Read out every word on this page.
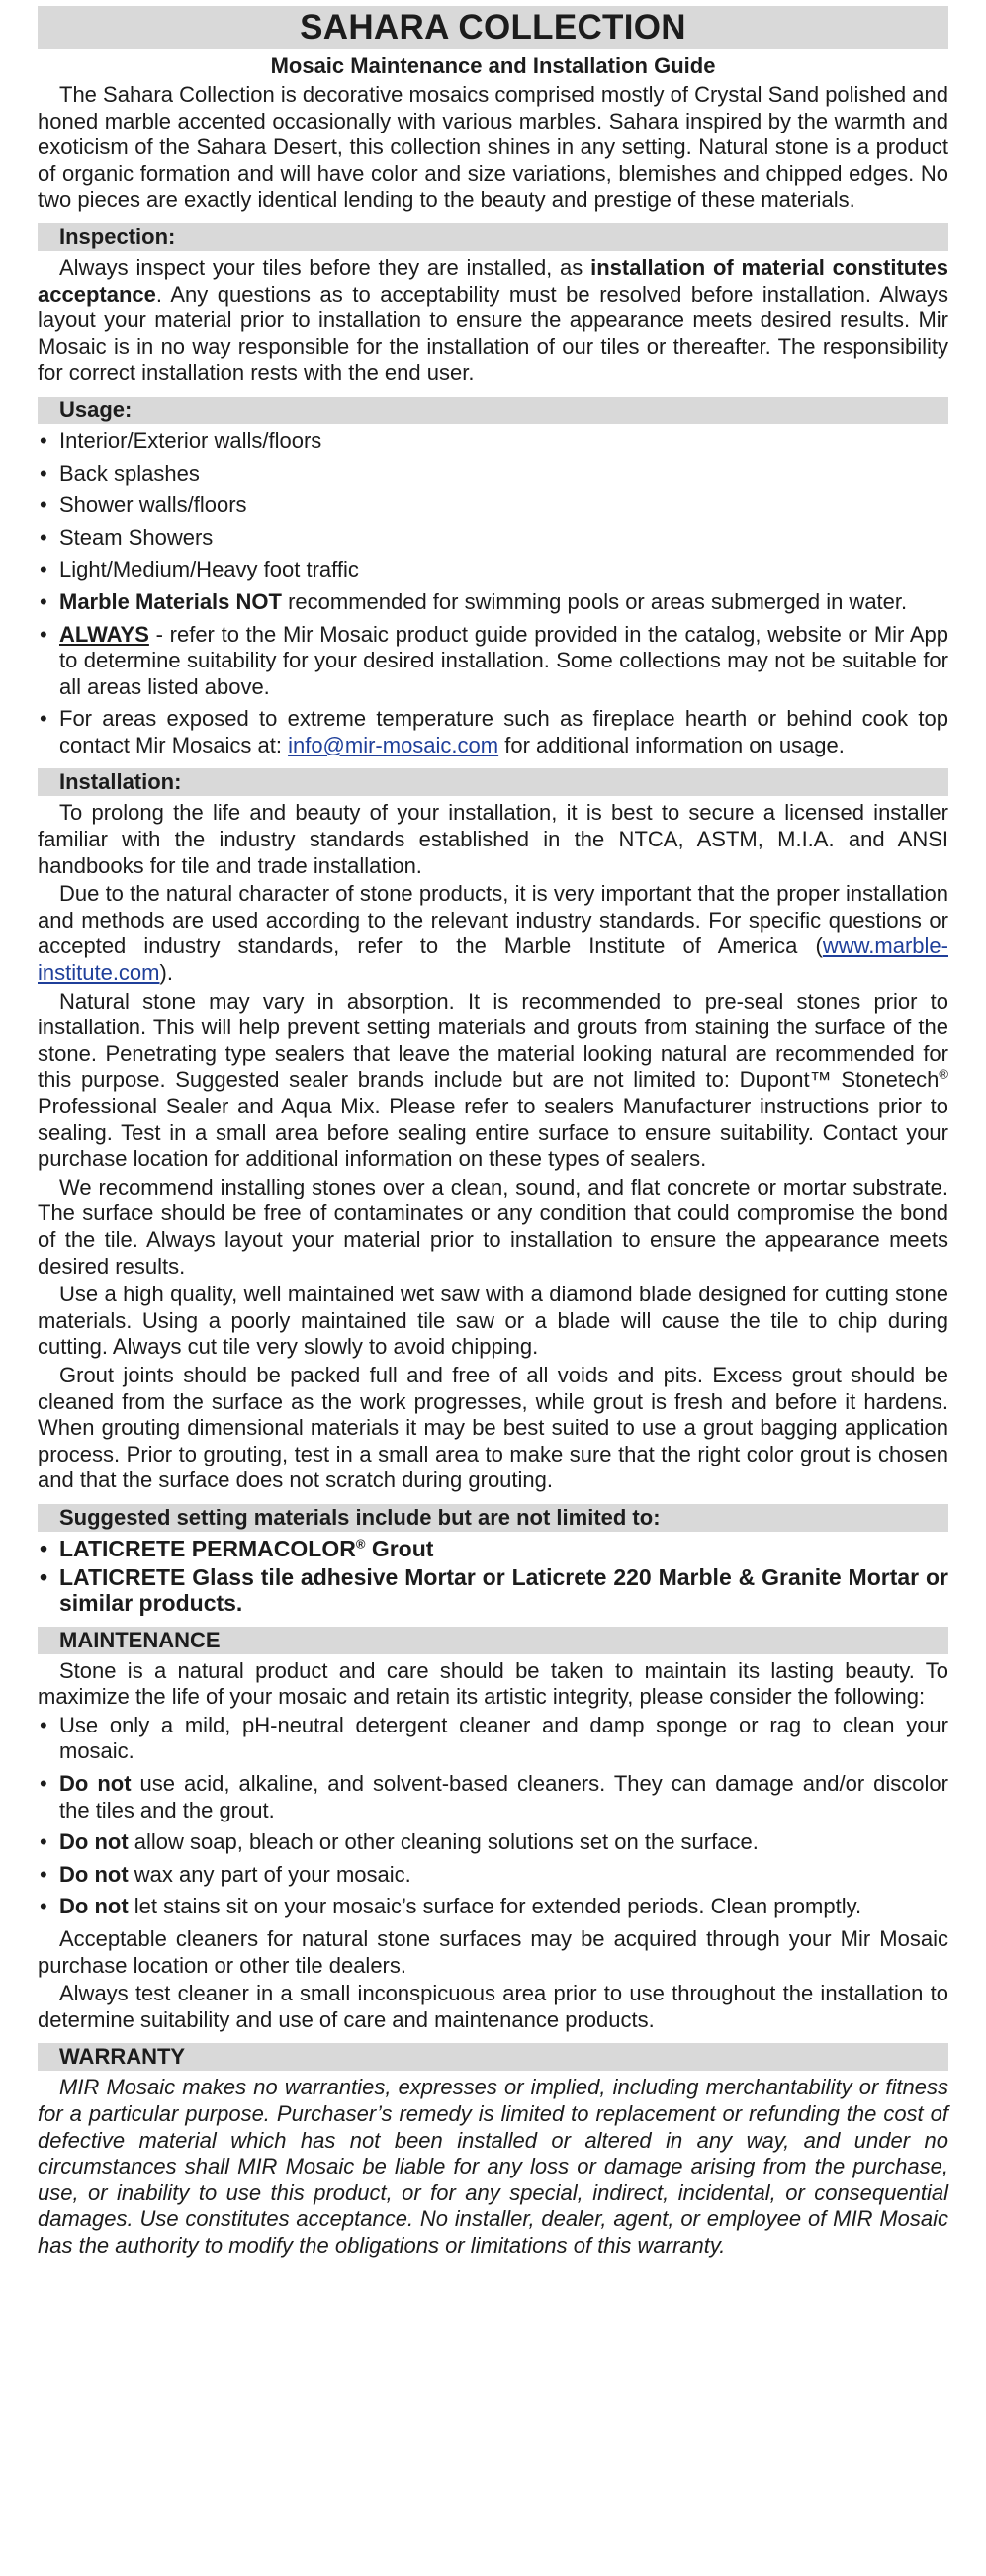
SAHARA COLLECTION
Mosaic Maintenance and Installation Guide

The Sahara Collection is decorative mosaics comprised mostly of Crystal Sand polished and honed marble accented occasionally with various marbles. Sahara inspired by the warmth and exoticism of the Sahara Desert, this collection shines in any setting. Natural stone is a product of organic formation and will have color and size variations, blemishes and chipped edges. No two pieces are exactly identical lending to the beauty and prestige of these materials.

Inspection:

Always inspect your tiles before they are installed, as installation of material constitutes acceptance. Any questions as to acceptability must be resolved before installation. Always layout your material prior to installation to ensure the appearance meets desired results. Mir Mosaic is in no way responsible for the installation of our tiles or thereafter. The responsibility for correct installation rests with the end user.

Usage:
• Interior/Exterior walls/floors
• Back splashes
• Shower walls/floors
• Steam Showers
• Light/Medium/Heavy foot traffic
• Marble Materials NOT recommended for swimming pools or areas submerged in water.
• ALWAYS - refer to the Mir Mosaic product guide provided in the catalog, website or Mir App to determine suitability for your desired installation. Some collections may not be suitable for all areas listed above.
• For areas exposed to extreme temperature such as fireplace hearth or behind cook top contact Mir Mosaics at: info@mir-mosaic.com for additional information on usage.
Installation:

To prolong the life and beauty of your installation, it is best to secure a licensed installer familiar with the industry standards established in the NTCA, ASTM, M.I.A. and ANSI handbooks for tile and trade installation.

Due to the natural character of stone products, it is very important that the proper installation and methods are used according to the relevant industry standards. For specific questions or accepted industry standards, refer to the Marble Institute of America (www.marble-institute.com).

Natural stone may vary in absorption. It is recommended to pre-seal stones prior to installation. This will help prevent setting materials and grouts from staining the surface of the stone. Penetrating type sealers that leave the material looking natural are recommended for this purpose. Suggested sealer brands include but are not limited to: Dupont™ Stonetech® Professional Sealer and Aqua Mix. Please refer to sealers Manufacturer instructions prior to sealing. Test in a small area before sealing entire surface to ensure suitability. Contact your purchase location for additional information on these types of sealers.

We recommend installing stones over a clean, sound, and flat concrete or mortar substrate. The surface should be free of contaminates or any condition that could compromise the bond of the tile. Always layout your material prior to installation to ensure the appearance meets desired results.

Use a high quality, well maintained wet saw with a diamond blade designed for cutting stone materials. Using a poorly maintained tile saw or a blade will cause the tile to chip during cutting. Always cut tile very slowly to avoid chipping.

Grout joints should be packed full and free of all voids and pits. Excess grout should be cleaned from the surface as the work progresses, while grout is fresh and before it hardens. When grouting dimensional materials it may be best suited to use a grout bagging application process. Prior to grouting, test in a small area to make sure that the right color grout is chosen and that the surface does not scratch during grouting.

Suggested setting materials include but are not limited to:
• LATICRETE PERMACOLOR® Grout
• LATICRETE Glass tile adhesive Mortar or Laticrete 220 Marble & Granite Mortar or similar products.
MAINTENANCE

Stone is a natural product and care should be taken to maintain its lasting beauty. To maximize the life of your mosaic and retain its artistic integrity, please consider the following:

• Use only a mild, pH-neutral detergent cleaner and damp sponge or rag to clean your mosaic.
• Do not use acid, alkaline, and solvent-based cleaners. They can damage and/or discolor the tiles and the grout.
• Do not allow soap, bleach or other cleaning solutions set on the surface.
• Do not wax any part of your mosaic.
• Do not let stains sit on your mosaic’s surface for extended periods. Clean promptly.

Acceptable cleaners for natural stone surfaces may be acquired through your Mir Mosaic purchase location or other tile dealers.

Always test cleaner in a small inconspicuous area prior to use throughout the installation to determine suitability and use of care and maintenance products.

WARRANTY

MIR Mosaic makes no warranties, expresses or implied, including merchantability or fitness for a particular purpose. Purchaser’s remedy is limited to replacement or refunding the cost of defective material which has not been installed or altered in any way, and under no circumstances shall MIR Mosaic be liable for any loss or damage arising from the purchase, use, or inability to use this product, or for any special, indirect, incidental, or consequential damages. Use constitutes acceptance. No installer, dealer, agent, or employee of MIR Mosaic has the authority to modify the obligations or limitations of this warranty.
